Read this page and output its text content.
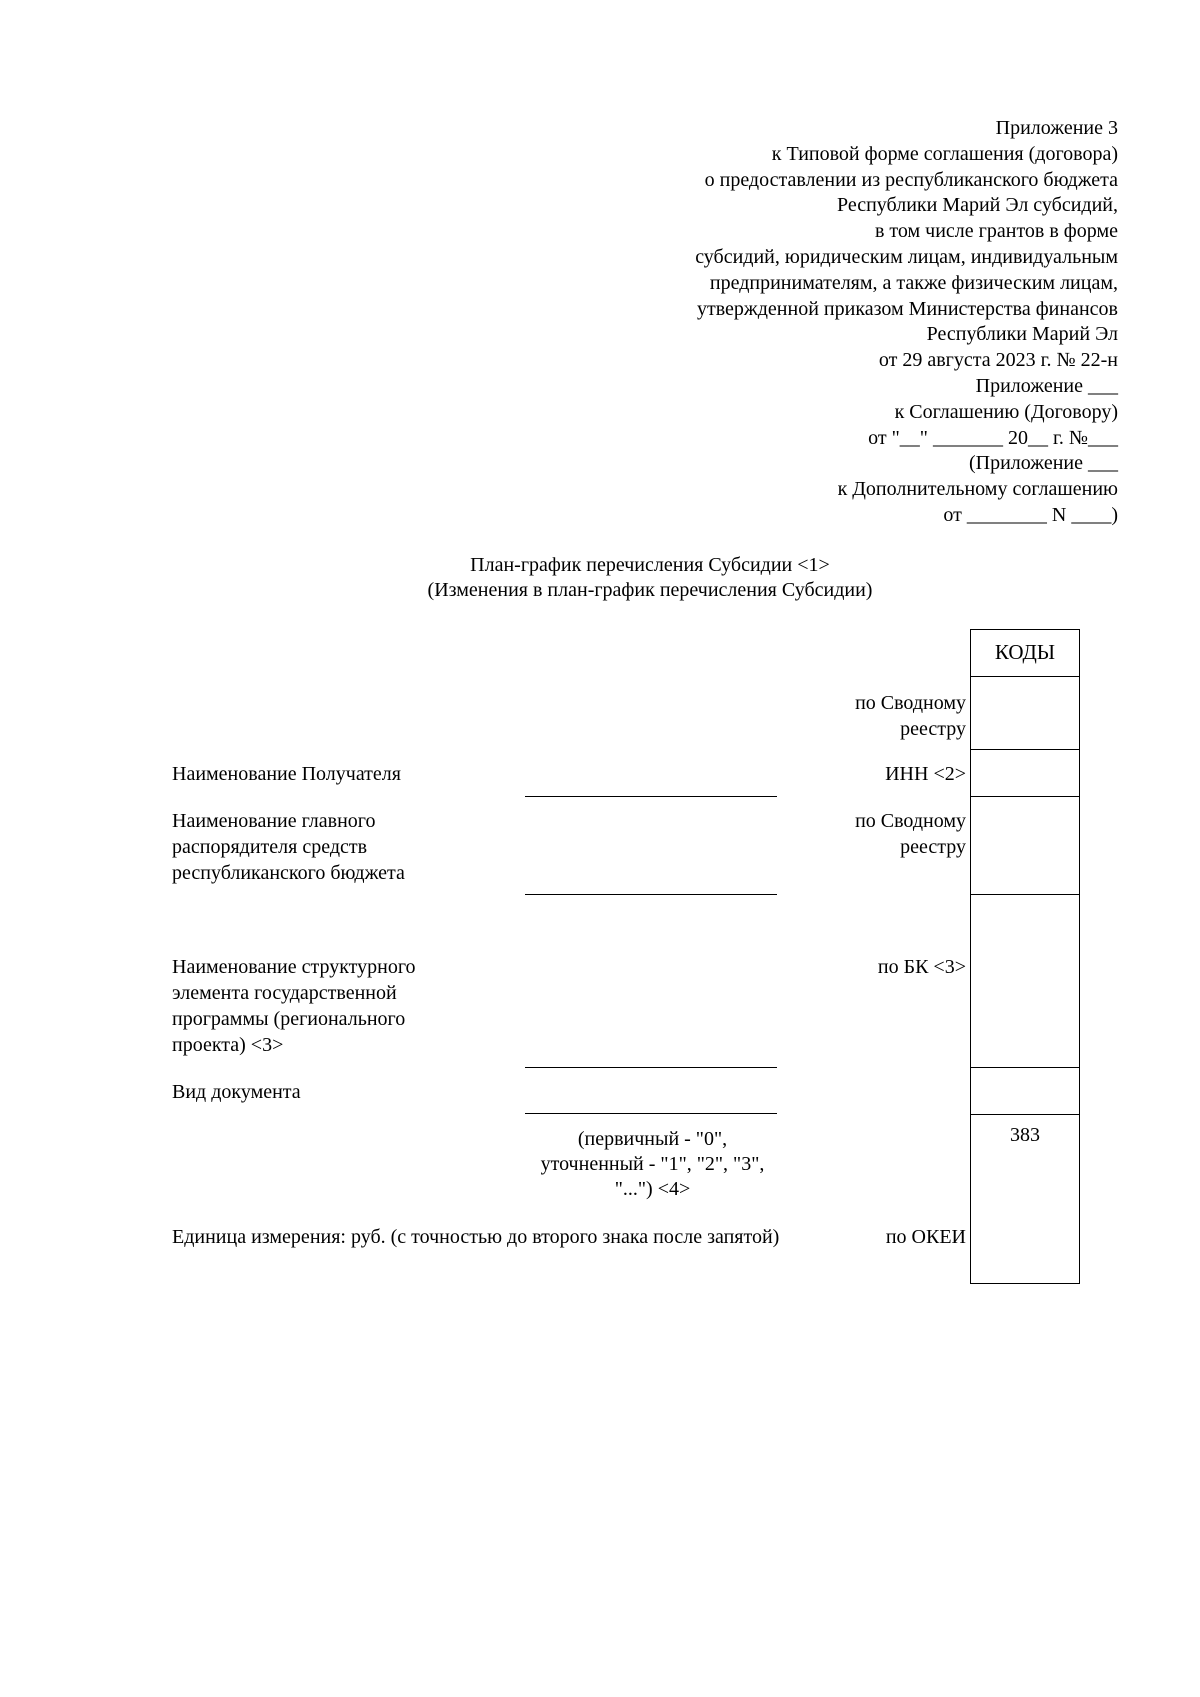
Приложение 3
к Типовой форме соглашения (договора)
о предоставлении из республиканского бюджета
Республики Марий Эл субсидий,
в том числе грантов в форме
субсидий, юридическим лицам, индивидуальным
предпринимателям, а также физическим лицам,
утвержденной приказом Министерства финансов
Республики Марий Эл
от 29 августа 2023 г. № 22-н
Приложение ___
к Соглашению (Договору)
от "__" _______ 20__ г. №___
(Приложение ___
к Дополнительному соглашению
от ________ N ____)
План-график перечисления Субсидии <1>
(Изменения в план-график перечисления Субсидии)
Наименование Получателя
Наименование главного распорядителя средств республиканского бюджета
Наименование структурного элемента государственной программы (регионального проекта) <3>
Вид документа
Единица измерения: руб. (с точностью до второго знака после запятой)
(первичный - "0", уточненный - "1", "2", "3", "...") <4>
по Сводному реестру
ИНН <2>
по Сводному реестру
по БК <3>
по ОКЕИ
КОДЫ
383
